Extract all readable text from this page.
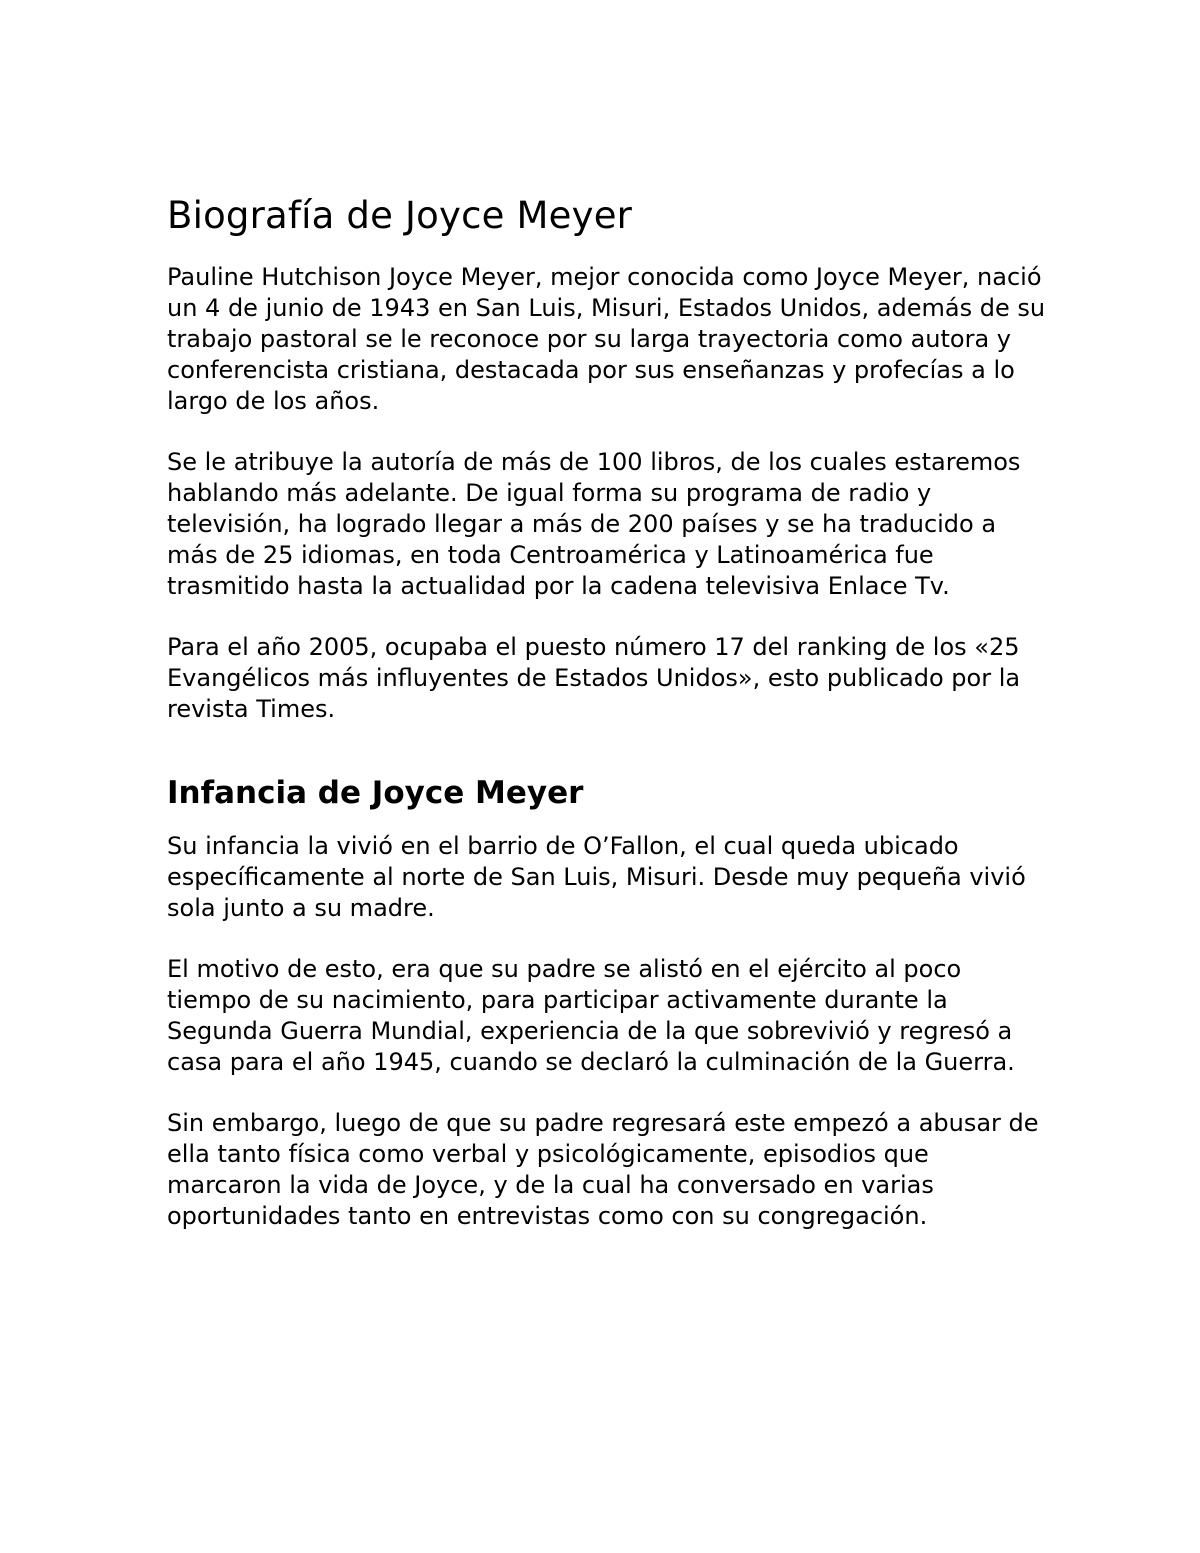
Biografía de Joyce Meyer

Pauline Hutchison Joyce Meyer, mejor conocida como Joyce Meyer, nació un 4 de junio de 1943 en San Luis, Misuri, Estados Unidos, además de su trabajo pastoral se le reconoce por su larga trayectoria como autora y conferencista cristiana, destacada por sus enseñanzas y profecías a lo largo de los años.

Se le atribuye la autoría de más de 100 libros, de los cuales estaremos hablando más adelante. De igual forma su programa de radio y televisión, ha logrado llegar a más de 200 países y se ha traducido a más de 25 idiomas, en toda Centroamérica y Latinoamérica fue trasmitido hasta la actualidad por la cadena televisiva Enlace Tv.

Para el año 2005, ocupaba el puesto número 17 del ranking de los «25 Evangélicos más influyentes de Estados Unidos», esto publicado por la revista Times.

Infancia de Joyce Meyer

Su infancia la vivió en el barrio de O’Fallon, el cual queda ubicado específicamente al norte de San Luis, Misuri. Desde muy pequeña vivió sola junto a su madre.

El motivo de esto, era que su padre se alistó en el ejército al poco tiempo de su nacimiento, para participar activamente durante la Segunda Guerra Mundial, experiencia de la que sobrevivió y regresó a casa para el año 1945, cuando se declaró la culminación de la Guerra.

Sin embargo, luego de que su padre regresará este empezó a abusar de ella tanto física como verbal y psicológicamente, episodios que marcaron la vida de Joyce, y de la cual ha conversado en varias oportunidades tanto en entrevistas como con su congregación.
